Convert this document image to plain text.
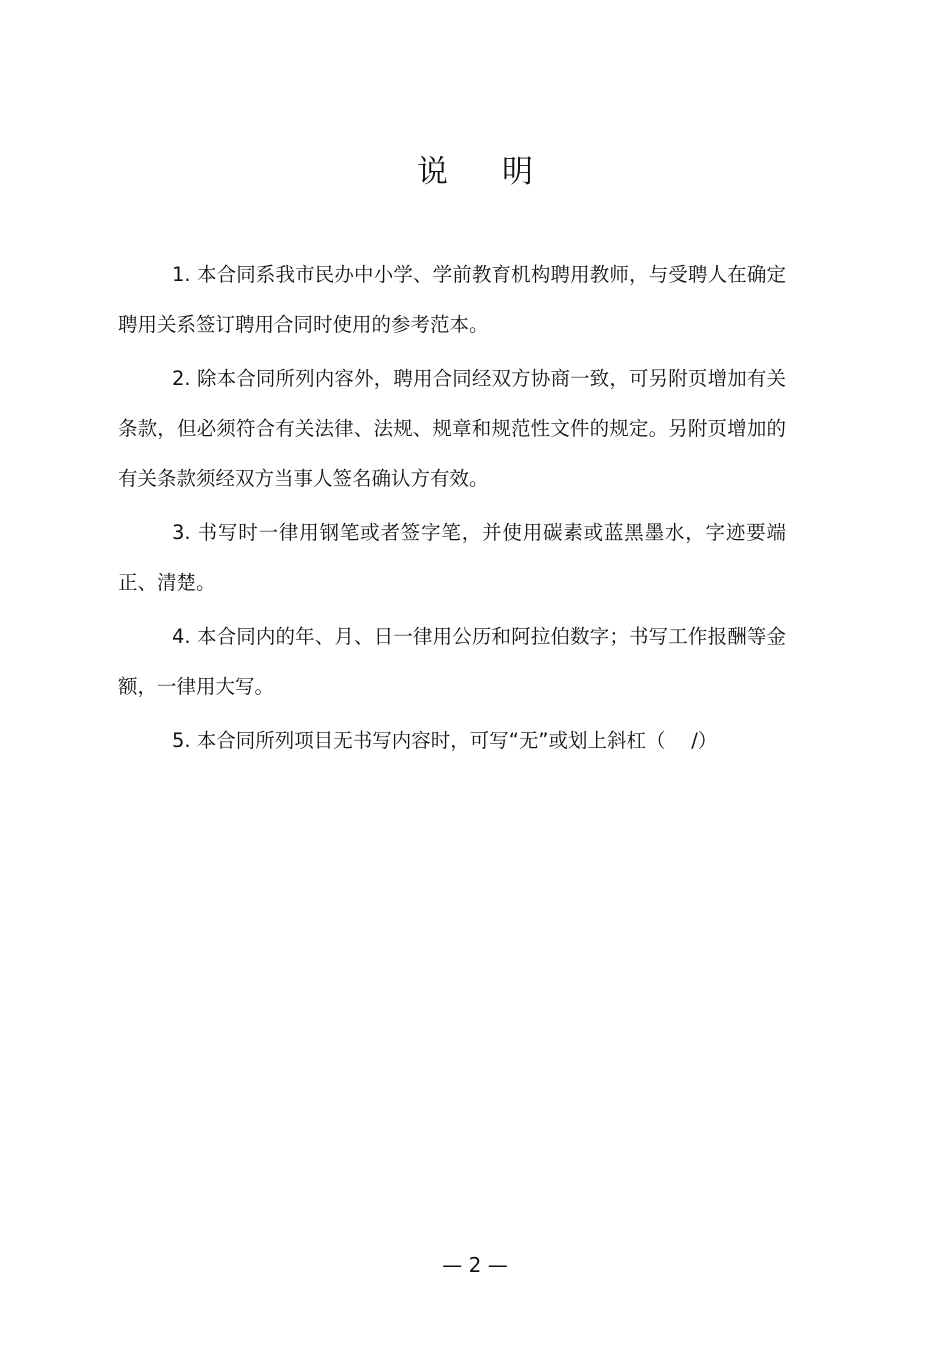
说明

1. 本合同系我市民办中小学、学前教育机构聘用教师，与受聘人在确定聘用关系签订聘用合同时使用的参考范本。

2. 除本合同所列内容外，聘用合同经双方协商一致，可另附页增加有关条款，但必须符合有关法律、法规、规章和规范性文件的规定。另附页增加的有关条款须经双方当事人签名确认方有效。

3. 书写时一律用钢笔或者签字笔，并使用碳素或蓝黑墨水，字迹要端正、清楚。

4. 本合同内的年、月、日一律用公历和阿拉伯数字；书写工作报酬等金额，一律用大写。

5. 本合同所列项目无书写内容时，可写“无”或划上斜杠（　 /）

— 2 —
